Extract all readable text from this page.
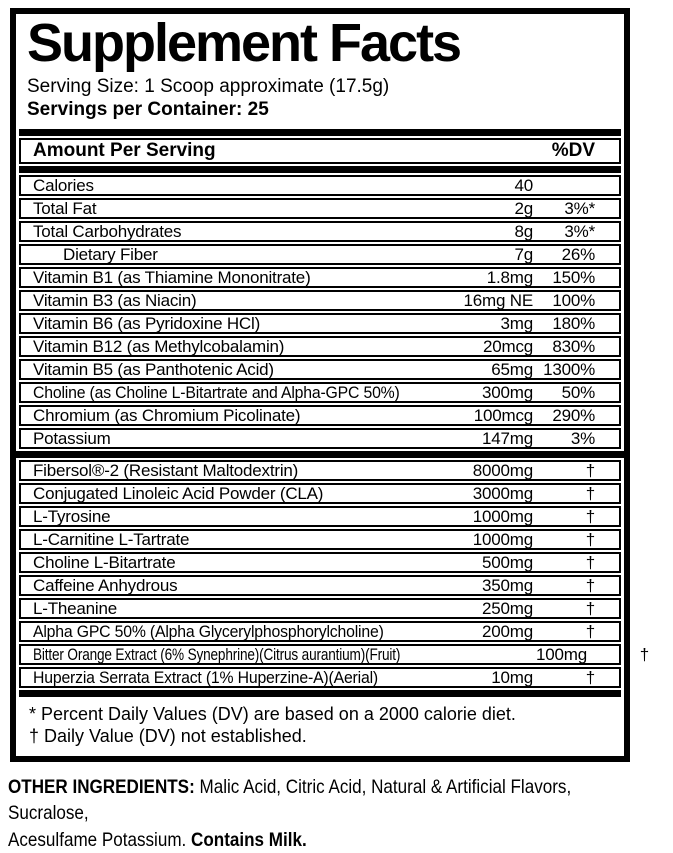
Supplement Facts
Serving Size: 1 Scoop approximate (17.5g)
Servings per Container: 25
Amount Per Serving	%DV
Calories	40
Total Fat	2g	3%*
Total Carbohydrates	8g	3%*
Dietary Fiber	7g	26%
Vitamin B1 (as Thiamine Mononitrate)	1.8mg	150%
Vitamin B3 (as Niacin)	16mg NE	100%
Vitamin B6 (as Pyridoxine HCl)	3mg	180%
Vitamin B12 (as Methylcobalamin)	20mcg	830%
Vitamin B5 (as Panthotenic Acid)	65mg 1300%
Choline (as Choline L-Bitartrate and Alpha-GPC 50%)	300mg	50%
Chromium (as Chromium Picolinate)	100mcg	290%
Potassium	147mg	3%
Fibersol®-2 (Resistant Maltodextrin)	8000mg	†
Conjugated Linoleic Acid Powder (CLA)	3000mg	†
L-Tyrosine	1000mg	†
L-Carnitine L-Tartrate	1000mg	†
Choline L-Bitartrate	500mg	†
Caffeine Anhydrous	350mg	†
L-Theanine	250mg	†
Alpha GPC 50% (Alpha Glycerylphosphorylcholine)	200mg	†
Bitter Orange Extract (6% Synephrine)(Citrus aurantium)(Fruit)	100mg	†
Huperzia Serrata Extract (1% Huperzine-A)(Aerial)	10mg	†
* Percent Daily Values (DV) are based on a 2000 calorie diet.
† Daily Value (DV) not established.

OTHER INGREDIENTS: Malic Acid, Citric Acid, Natural & Artificial Flavors, Sucralose,
Acesulfame Potassium. Contains Milk.
